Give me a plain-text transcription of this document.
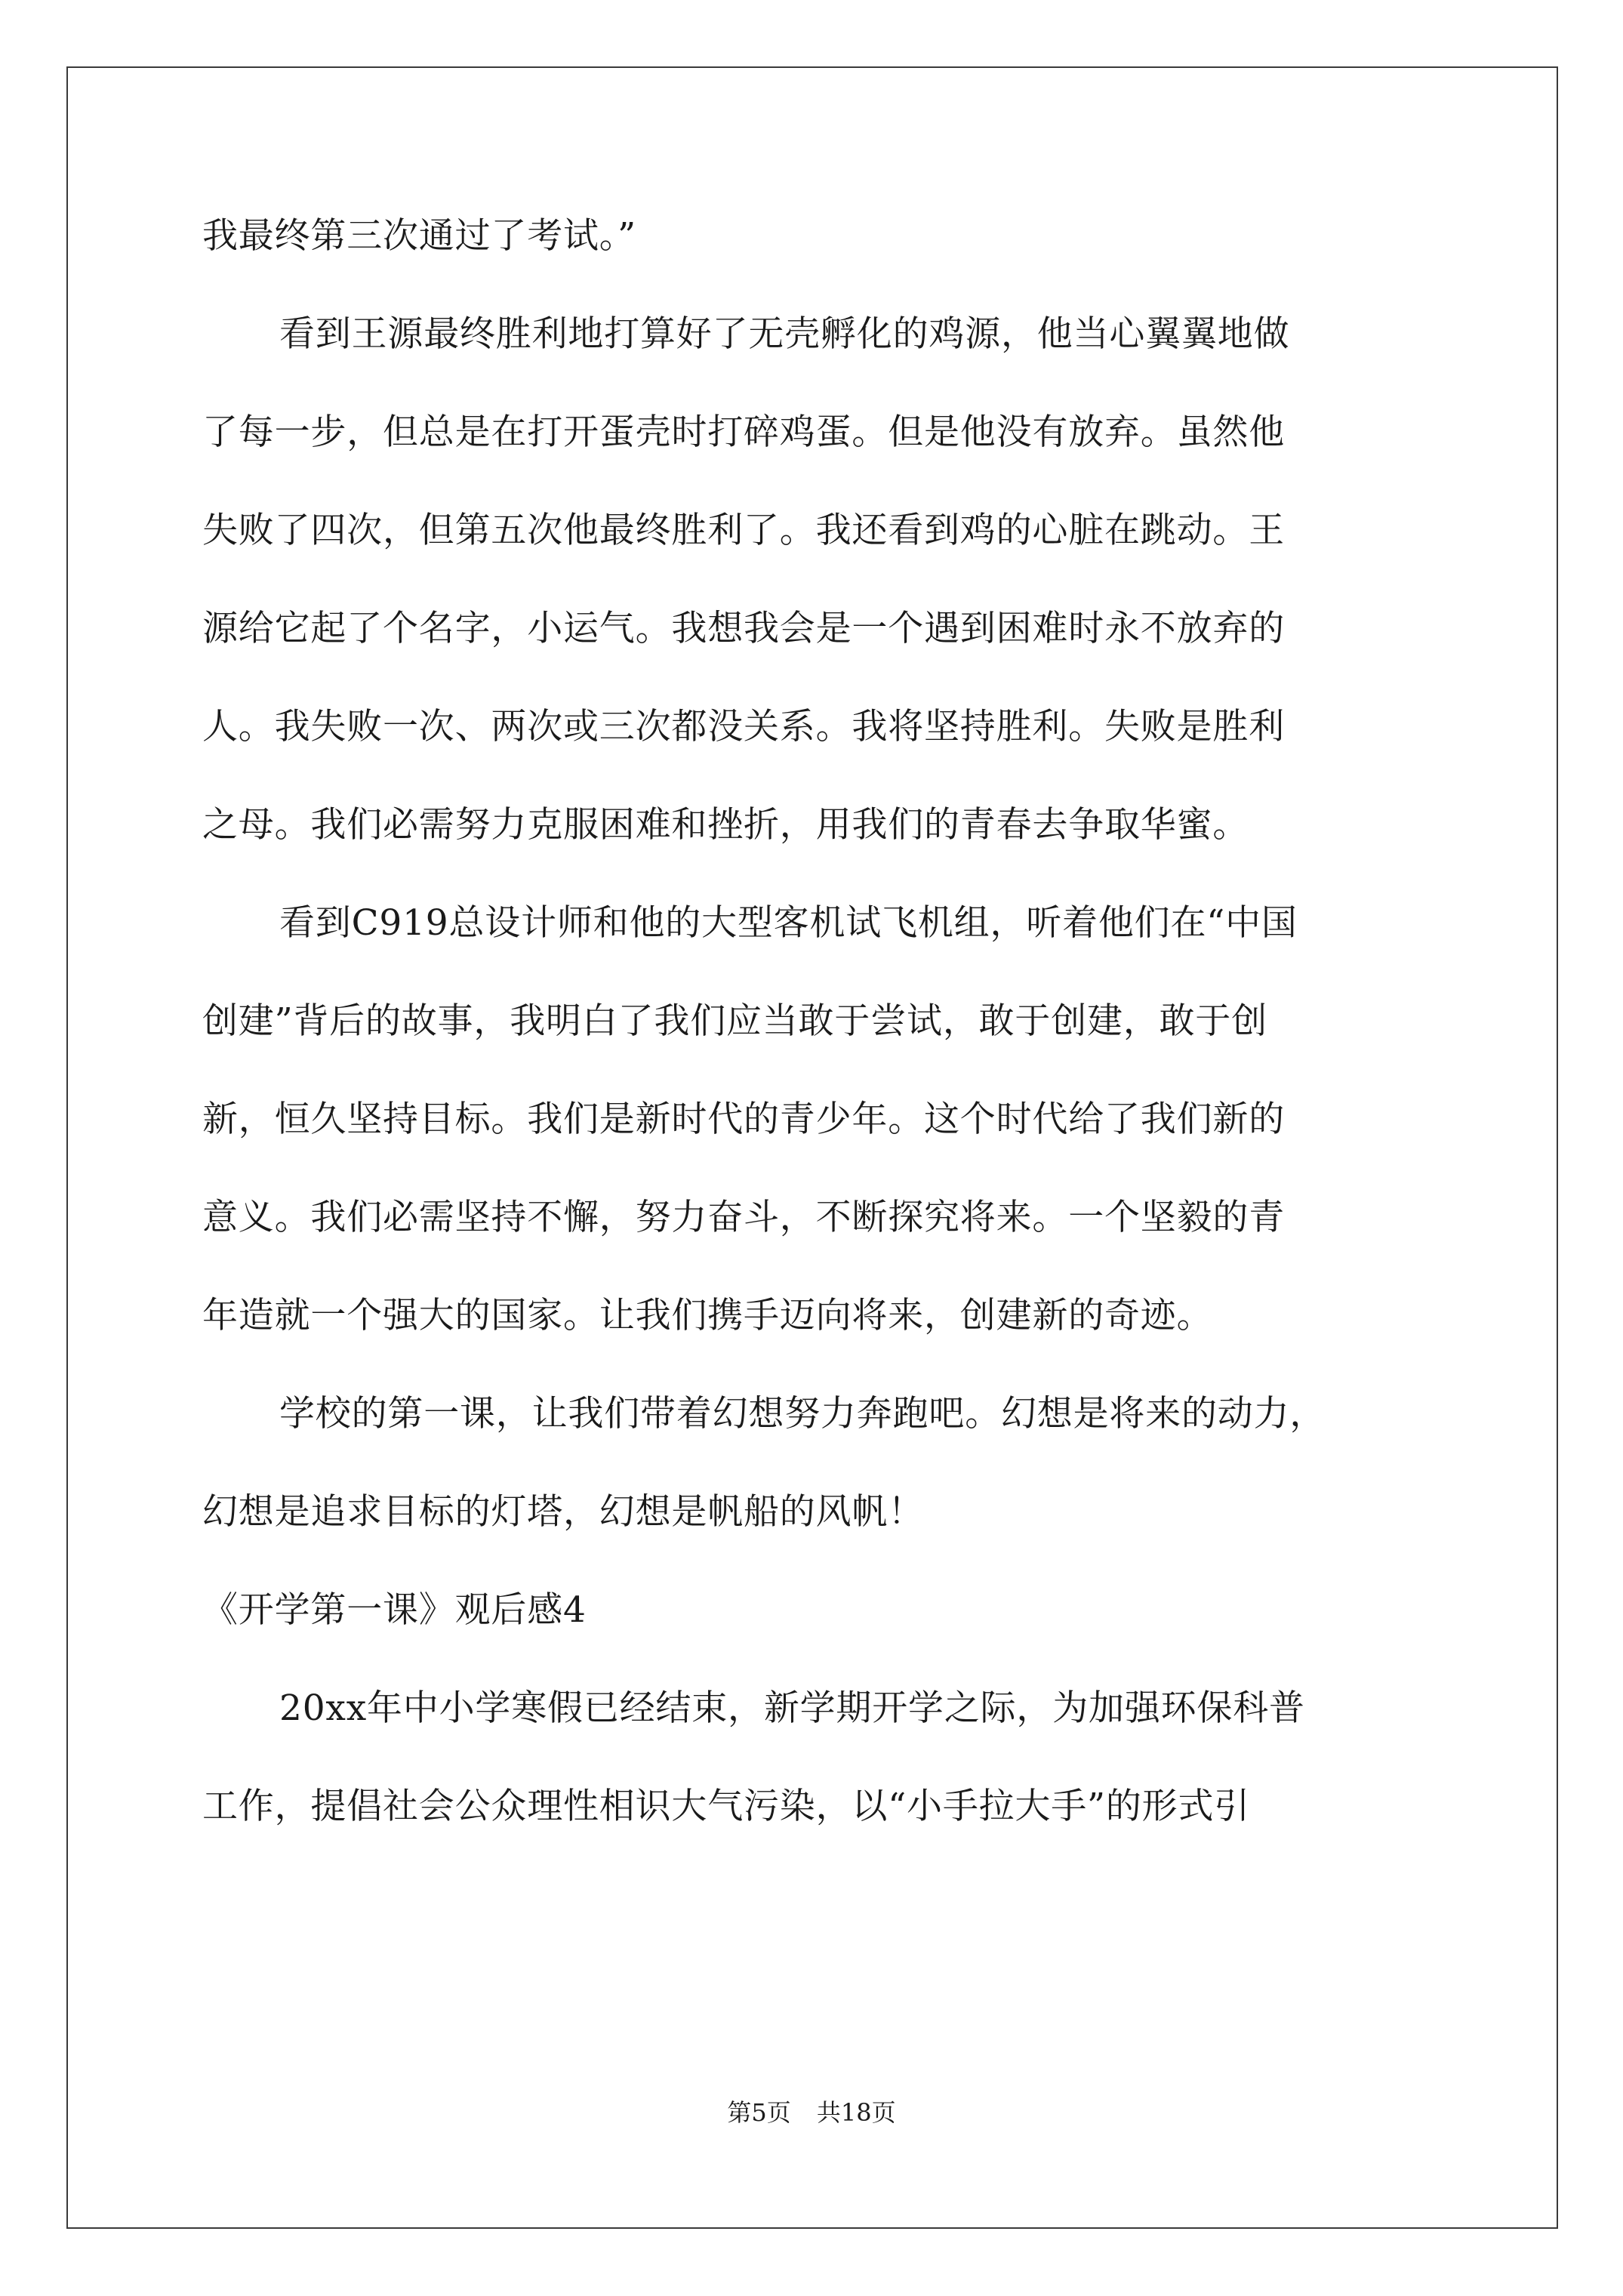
我最终第三次通过了考试。”
看到王源最终胜利地打算好了无壳孵化的鸡源，他当心翼翼地做
了每一步，但总是在打开蛋壳时打碎鸡蛋。但是他没有放弃。虽然他
失败了四次，但第五次他最终胜利了。我还看到鸡的心脏在跳动。王
源给它起了个名字，小运气。我想我会是一个遇到困难时永不放弃的
人。我失败一次、两次或三次都没关系。我将坚持胜利。失败是胜利
之母。我们必需努力克服困难和挫折，用我们的青春去争取华蜜。
看到C919总设计师和他的大型客机试飞机组，听着他们在“中国
创建”背后的故事，我明白了我们应当敢于尝试，敢于创建，敢于创
新，恒久坚持目标。我们是新时代的青少年。这个时代给了我们新的
意义。我们必需坚持不懈，努力奋斗，不断探究将来。一个坚毅的青
年造就一个强大的国家。让我们携手迈向将来，创建新的奇迹。
学校的第一课，让我们带着幻想努力奔跑吧。幻想是将来的动力，
幻想是追求目标的灯塔，幻想是帆船的风帆！
《开学第一课》观后感4
20xx年中小学寒假已经结束，新学期开学之际，为加强环保科普
工作，提倡社会公众理性相识大气污染，以“小手拉大手”的形式引
第5页 共18页
